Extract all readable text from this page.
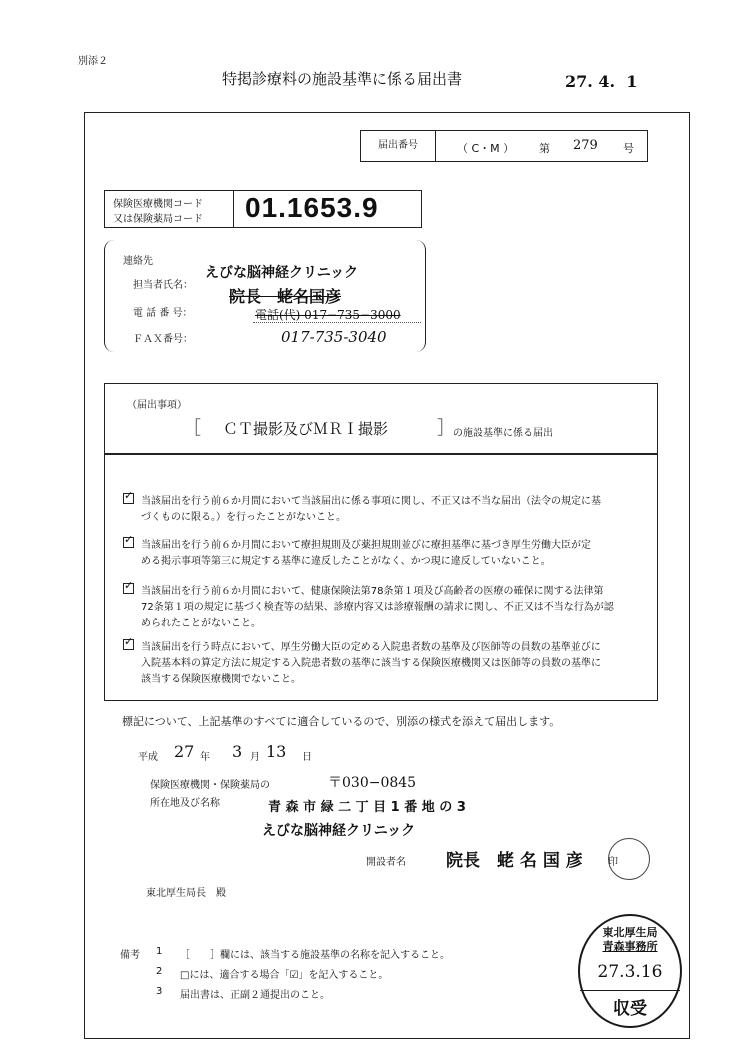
別添２
特掲診療料の施設基準に係る届出書	27. 4.  1
届出番号	（ C・M ） 第 279 号
保険医療機関コード
又は保険薬局コード 01.1653.9
連絡先
担当者氏名：
えびな脳神経クリニック
院長　蛯名国彦
電 話 番 号：	電話(代) 017−735−3000
ＦＡＸ番号：	017-735-3040
（届出事項）
［ ＣＴ撮影及びＭＲＩ撮影	］
の施設基準に係る届出
✓
当該届出を行う前６か月間において当該届出に係る事項に関し、不正又は不当な届出（法令の規定に基
づくものに限る。）を行ったことがないこと。
✓
当該届出を行う前６か月間において療担規則及び薬担規則並びに療担基準に基づき厚生労働大臣が定
める掲示事項等第三に規定する基準に違反したことがなく、かつ現に違反していないこと。
✓
当該届出を行う前６か月間において、健康保険法第78条第１項及び高齢者の医療の確保に関する法律第
72条第１項の規定に基づく検査等の結果、診療内容又は診療報酬の請求に関し、不正又は不当な行為が認
められたことがないこと。
✓
当該届出を行う時点において、厚生労働大臣の定める入院患者数の基準及び医師等の員数の基準並びに
入院基本料の算定方法に規定する入院患者数の基準に該当する保険医療機関又は医師等の員数の基準に
該当する保険医療機関でないこと。
標記について、上記基準のすべてに適合しているので、別添の様式を添えて届出します。
平成 27 年 3 月 13 日
保険医療機関・保険薬局の
所在地及び名称
〒030−0845
青 森 市 緑 二 丁 目 1 番 地 の 3
えびな脳神経クリニック
開設者名 院長　蛯 名 国 彦	印
東北厚生局長　殿
備考 1 ［　　］欄には、該当する施設基準の名称を記入すること。
2 □には、適合する場合「☑」を記入すること。
3 届出書は、正副２通提出のこと。
東北厚生局
青森事務所
27.3.16
収受
